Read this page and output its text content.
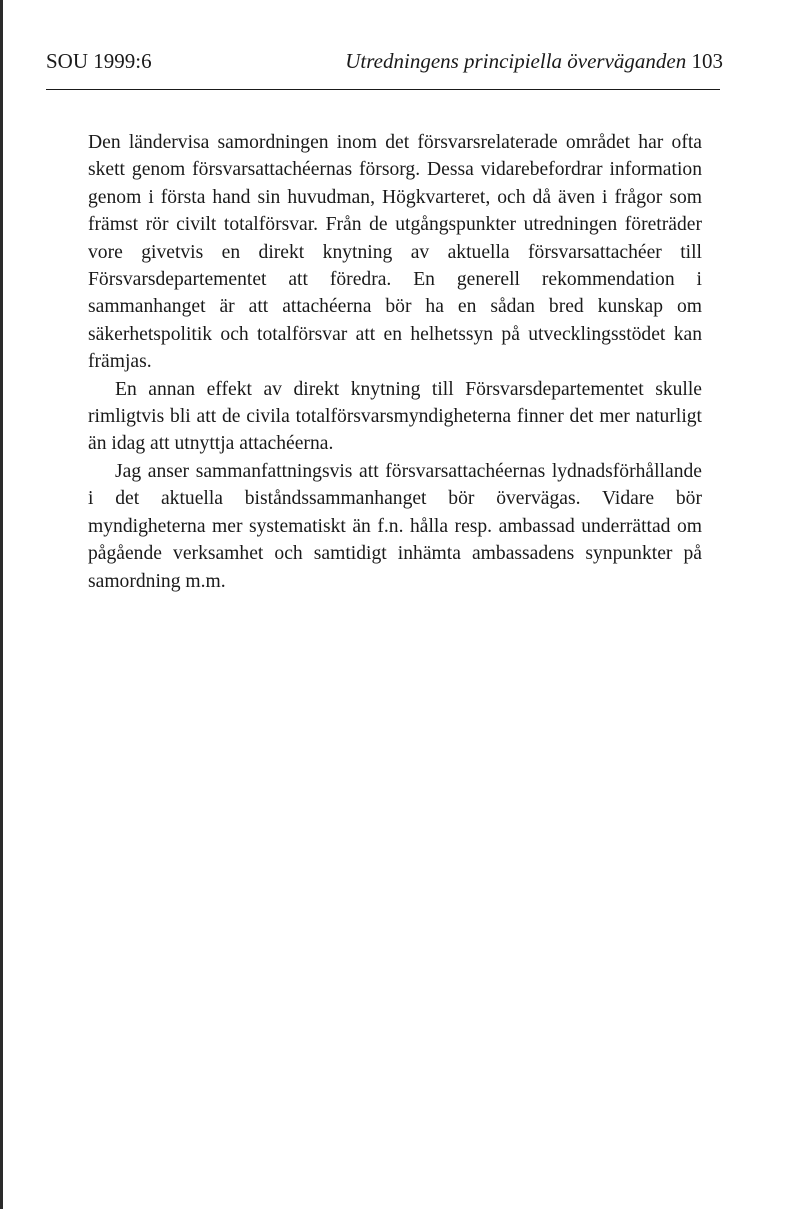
SOU 1999:6	Utredningens principiella överväganden 103

Den ländervisa samordningen inom det försvarsrelaterade området har ofta skett genom försvarsattachéernas försorg. Dessa vidarebefordrar information genom i första hand sin huvudman, Högkvarteret, och då även i frågor som främst rör civilt totalförsvar. Från de utgångspunkter utredningen företräder vore givetvis en direkt knytning av aktuella försvarsattachéer till Försvarsdepartementet att föredra. En generell rekommendation i sammanhanget är att attachéerna bör ha en sådan bred kunskap om säkerhetspolitik och totalförsvar att en helhetssyn på utvecklingsstödet kan främjas.

En annan effekt av direkt knytning till Försvarsdepartementet skulle rimligtvis bli att de civila totalförsvarsmyndigheterna finner det mer naturligt än idag att utnyttja attachéerna.

Jag anser sammanfattningsvis att försvarsattachéernas lydnadsförhållande i det aktuella biståndssammanhanget bör övervägas. Vidare bör myndigheterna mer systematiskt än f.n. hålla resp. ambassad underrättad om pågående verksamhet och samtidigt inhämta ambassadens synpunkter på samordning m.m.
